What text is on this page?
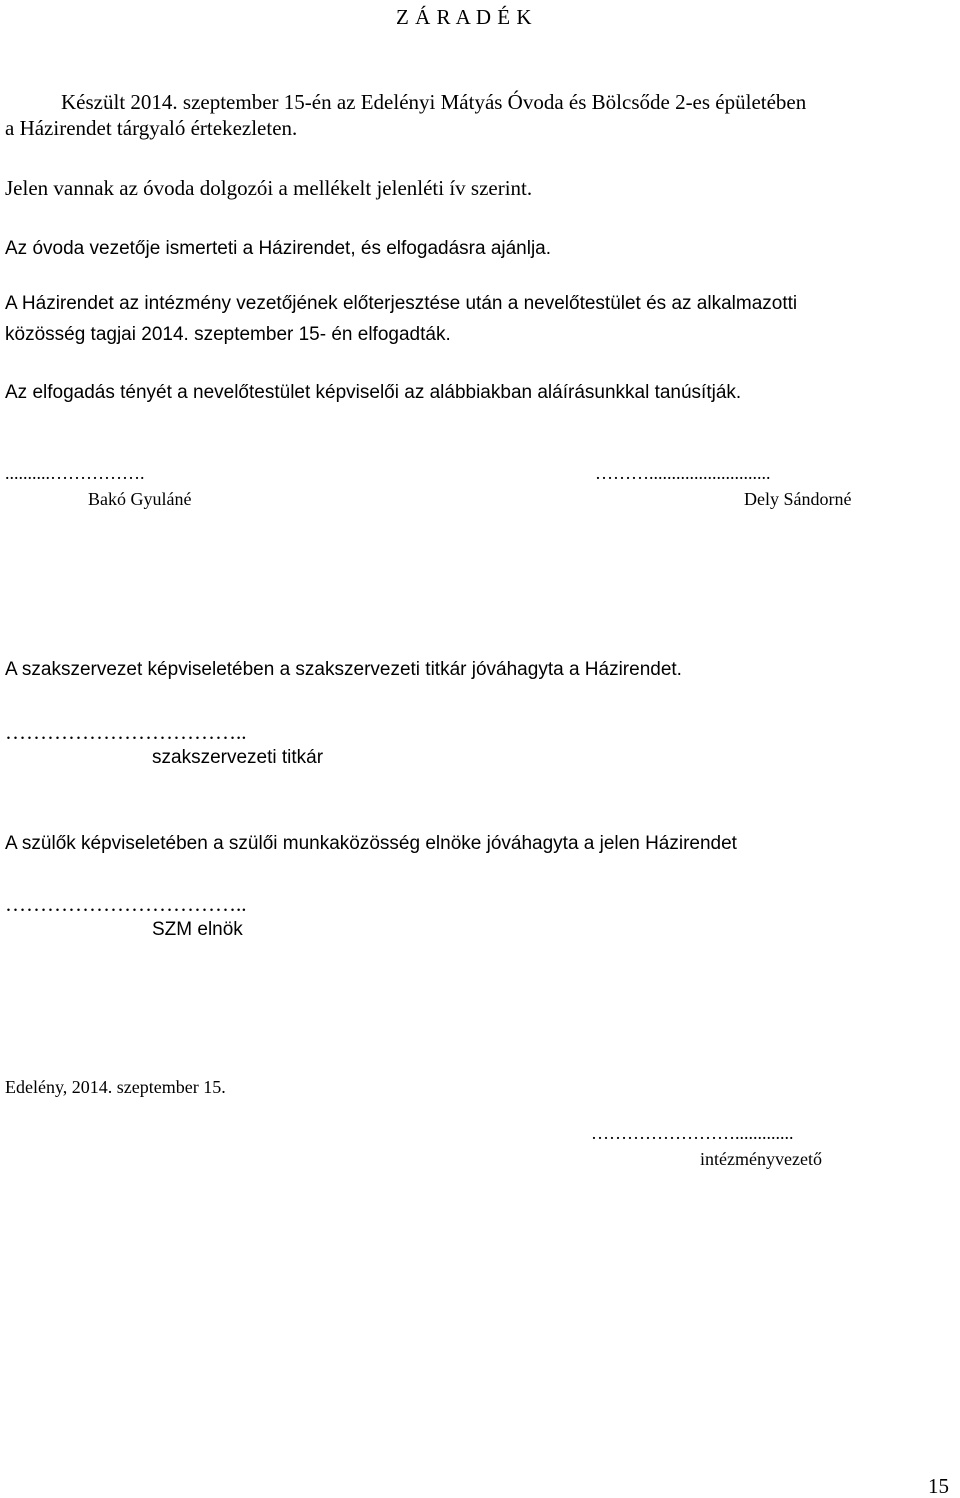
Z Á R A D É K
Készült 2014. szeptember 15-én az Edelényi Mátyás Óvoda és Bölcsőde 2-es épületében
a Házirendet tárgyaló értekezleten.
Jelen vannak az óvoda dolgozói a mellékelt jelenléti ív szerint.
Az óvoda vezetője ismerteti a Házirendet, és elfogadásra ajánlja.
A Házirendet az intézmény vezetőjének előterjesztése után a nevelőtestület és az alkalmazotti
közösség tagjai 2014. szeptember 15- én elfogadták.
Az elfogadás tényét a nevelőtestület képviselői az alábbiakban aláírásunkkal tanúsítják.
..........…………….
Bakó Gyuláné
………...........................
Dely Sándorné
A szakszervezet képviseletében a szakszervezeti titkár jóváhagyta a Házirendet.
……………………………..
szakszervezeti titkár
A szülők képviseletében a szülői munkaközösség elnöke jóváhagyta a jelen Házirendet
……………………………..
SZM elnök
Edelény, 2014. szeptember 15.
…………………….............
intézményvezető
15
